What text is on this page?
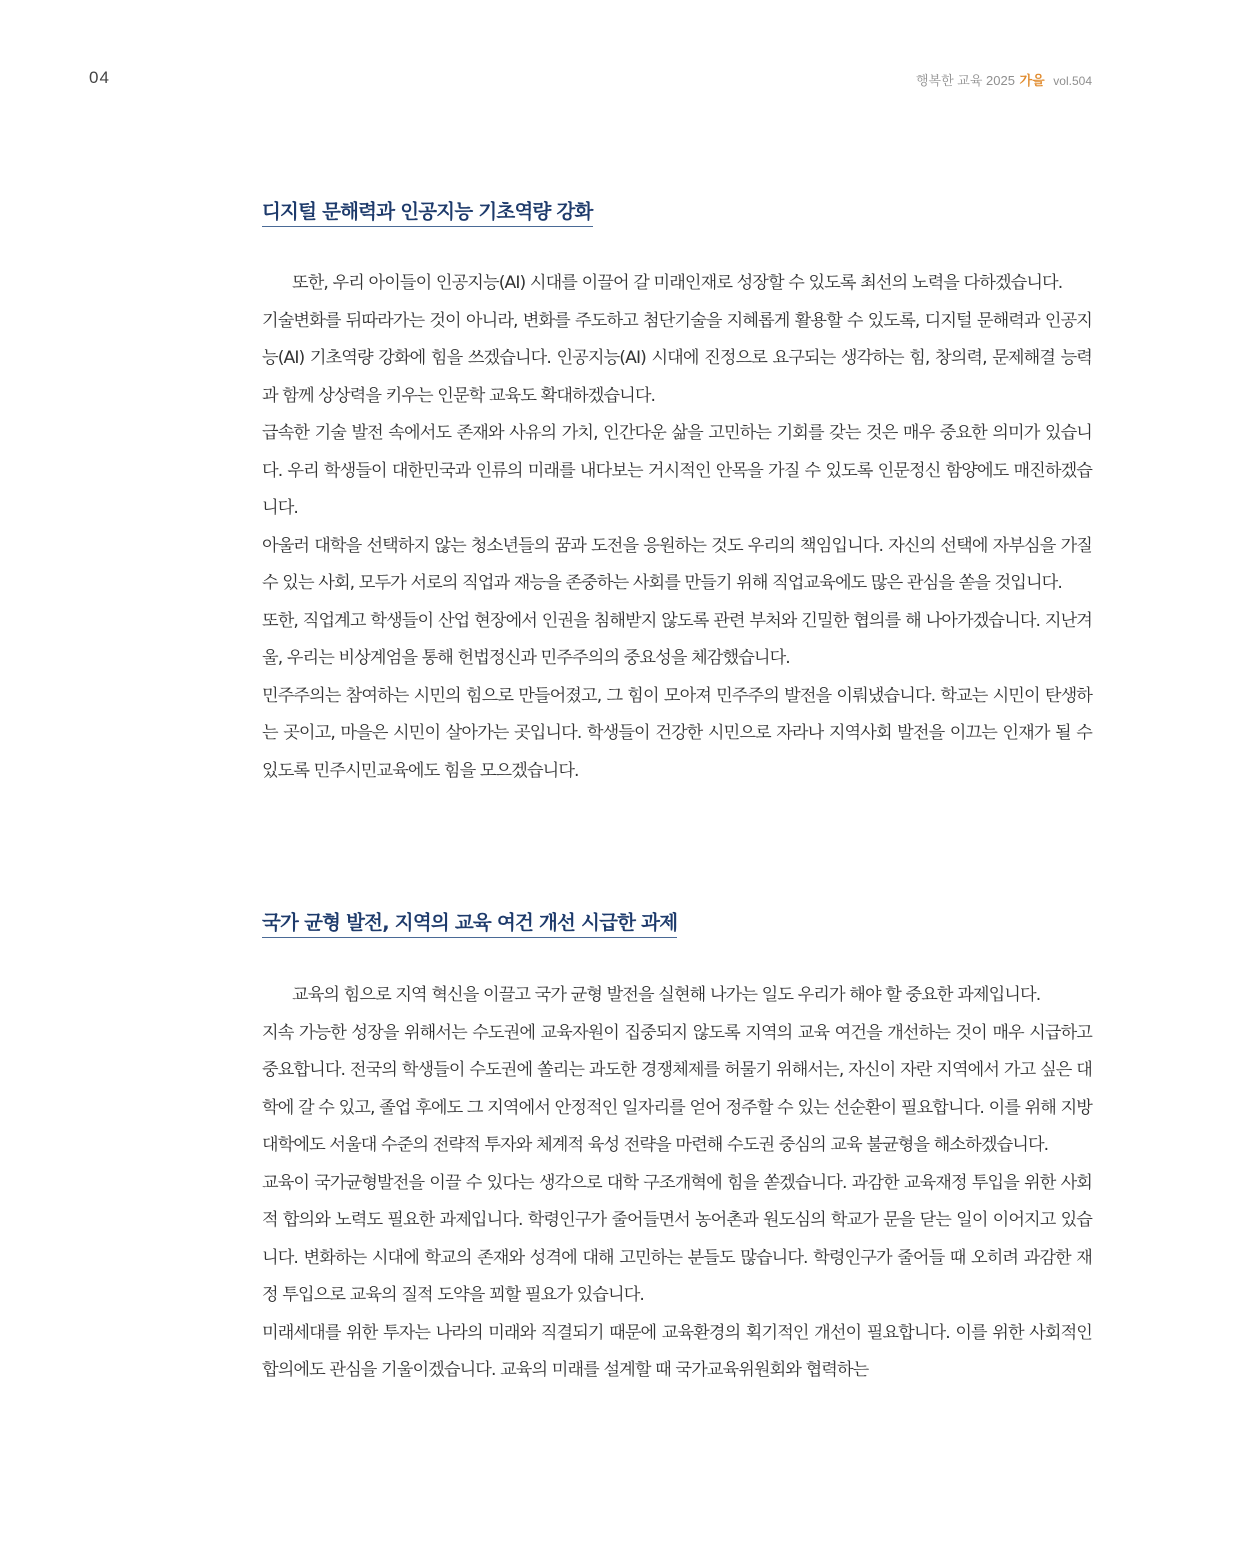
04	행복한 교육 2025 가을 vol.504
디지털 문해력과 인공지능 기초역량 강화

또한, 우리 아이들이 인공지능(AI) 시대를 이끌어 갈 미래인재로 성장할 수 있도록 최선의 노력을 다하겠습니다.

기술변화를 뒤따라가는 것이 아니라, 변화를 주도하고 첨단기술을 지혜롭게 활용할 수 있도록, 디지털 문해력과 인공지능(AI) 기초역량 강화에 힘을 쓰겠습니다. 인공지능(AI) 시대에 진정으로 요구되는 생각하는 힘, 창의력, 문제해결 능력과 함께 상상력을 키우는 인문학 교육도 확대하겠습니다.

급속한 기술 발전 속에서도 존재와 사유의 가치, 인간다운 삶을 고민하는 기회를 갖는 것은 매우 중요한 의미가 있습니다. 우리 학생들이 대한민국과 인류의 미래를 내다보는 거시적인 안목을 가질 수 있도록 인문정신 함양에도 매진하겠습니다.

아울러 대학을 선택하지 않는 청소년들의 꿈과 도전을 응원하는 것도 우리의 책임입니다. 자신의 선택에 자부심을 가질 수 있는 사회, 모두가 서로의 직업과 재능을 존중하는 사회를 만들기 위해 직업교육에도 많은 관심을 쏟을 것입니다.

또한, 직업계고 학생들이 산업 현장에서 인권을 침해받지 않도록 관련 부처와 긴밀한 협의를 해 나아가겠습니다. 지난겨울, 우리는 비상계엄을 통해 헌법정신과 민주주의의 중요성을 체감했습니다.

민주주의는 참여하는 시민의 힘으로 만들어졌고, 그 힘이 모아져 민주주의 발전을 이뤄냈습니다. 학교는 시민이 탄생하는 곳이고, 마을은 시민이 살아가는 곳입니다. 학생들이 건강한 시민으로 자라나 지역사회 발전을 이끄는 인재가 될 수 있도록 민주시민교육에도 힘을 모으겠습니다.

국가 균형 발전, 지역의 교육 여건 개선 시급한 과제

교육의 힘으로 지역 혁신을 이끌고 국가 균형 발전을 실현해 나가는 일도 우리가 해야 할 중요한 과제입니다.

지속 가능한 성장을 위해서는 수도권에 교육자원이 집중되지 않도록 지역의 교육 여건을 개선하는 것이 매우 시급하고 중요합니다. 전국의 학생들이 수도권에 쏠리는 과도한 경쟁체제를 허물기 위해서는, 자신이 자란 지역에서 가고 싶은 대학에 갈 수 있고, 졸업 후에도 그 지역에서 안정적인 일자리를 얻어 정주할 수 있는 선순환이 필요합니다. 이를 위해 지방대학에도 서울대 수준의 전략적 투자와 체계적 육성 전략을 마련해 수도권 중심의 교육 불균형을 해소하겠습니다.

교육이 국가균형발전을 이끌 수 있다는 생각으로 대학 구조개혁에 힘을 쏟겠습니다. 과감한 교육재정 투입을 위한 사회적 합의와 노력도 필요한 과제입니다. 학령인구가 줄어들면서 농어촌과 원도심의 학교가 문을 닫는 일이 이어지고 있습니다. 변화하는 시대에 학교의 존재와 성격에 대해 고민하는 분들도 많습니다. 학령인구가 줄어들 때 오히려 과감한 재정 투입으로 교육의 질적 도약을 꾀할 필요가 있습니다.

미래세대를 위한 투자는 나라의 미래와 직결되기 때문에 교육환경의 획기적인 개선이 필요합니다. 이를 위한 사회적인 합의에도 관심을 기울이겠습니다. 교육의 미래를 설계할 때 국가교육위원회와 협력하는
